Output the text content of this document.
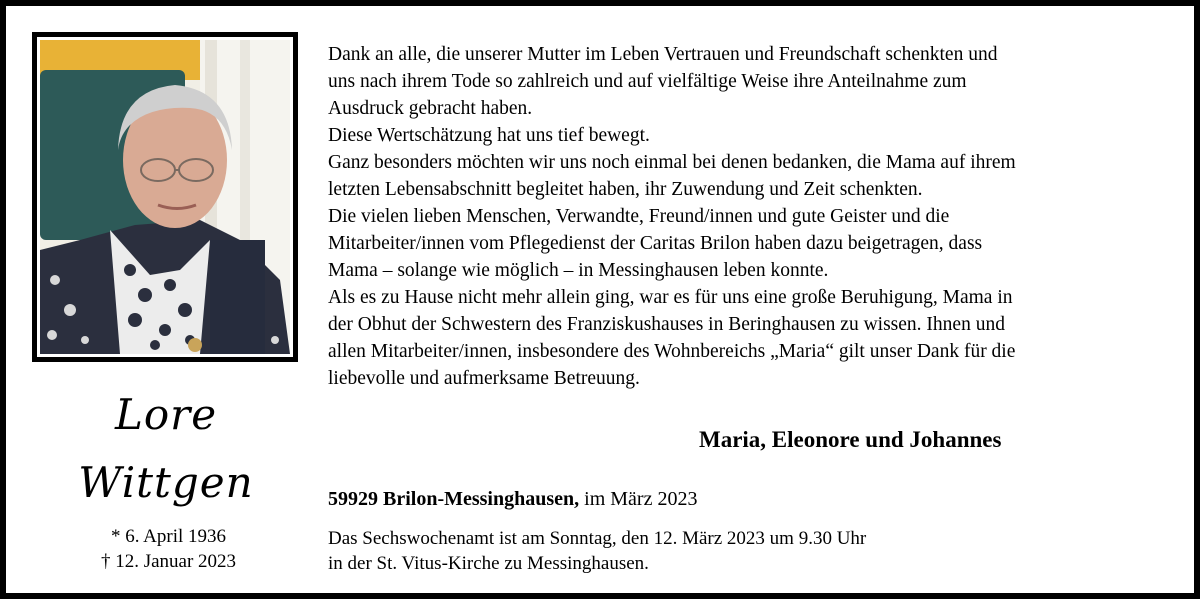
Lore
Wittgen
* 6. April 1936
† 12. Januar 2023

Dank an alle, die unserer Mutter im Leben Vertrauen und Freundschaft schenkten und

uns nach ihrem Tode so zahlreich und auf vielfältige Weise ihre Anteilnahme zum

Ausdruck gebracht haben.

Diese Wertschätzung hat uns tief bewegt.

Ganz besonders möchten wir uns noch einmal bei denen bedanken, die Mama auf ihrem

letzten Lebensabschnitt begleitet haben, ihr Zuwendung und Zeit schenkten.

Die vielen lieben Menschen, Verwandte, Freund/innen und gute Geister und die

Mitarbeiter/innen vom Pflegedienst der Caritas Brilon haben dazu beigetragen, dass

Mama – solange wie möglich – in Messinghausen leben konnte.

Als es zu Hause nicht mehr allein ging, war es für uns eine große Beruhigung, Mama in

der Obhut der Schwestern des Franziskushauses in Beringhausen zu wissen. Ihnen und

allen Mitarbeiter/innen, insbesondere des Wohnbereichs „Maria“ gilt unser Dank für die

liebevolle und aufmerksame Betreuung.

Maria, Eleonore und Johannes
59929 Brilon-Messinghausen, im März 2023

Das Sechswochenamt ist am Sonntag, den 12. März 2023 um 9.30 Uhr

in der St. Vitus-Kirche zu Messinghausen.
